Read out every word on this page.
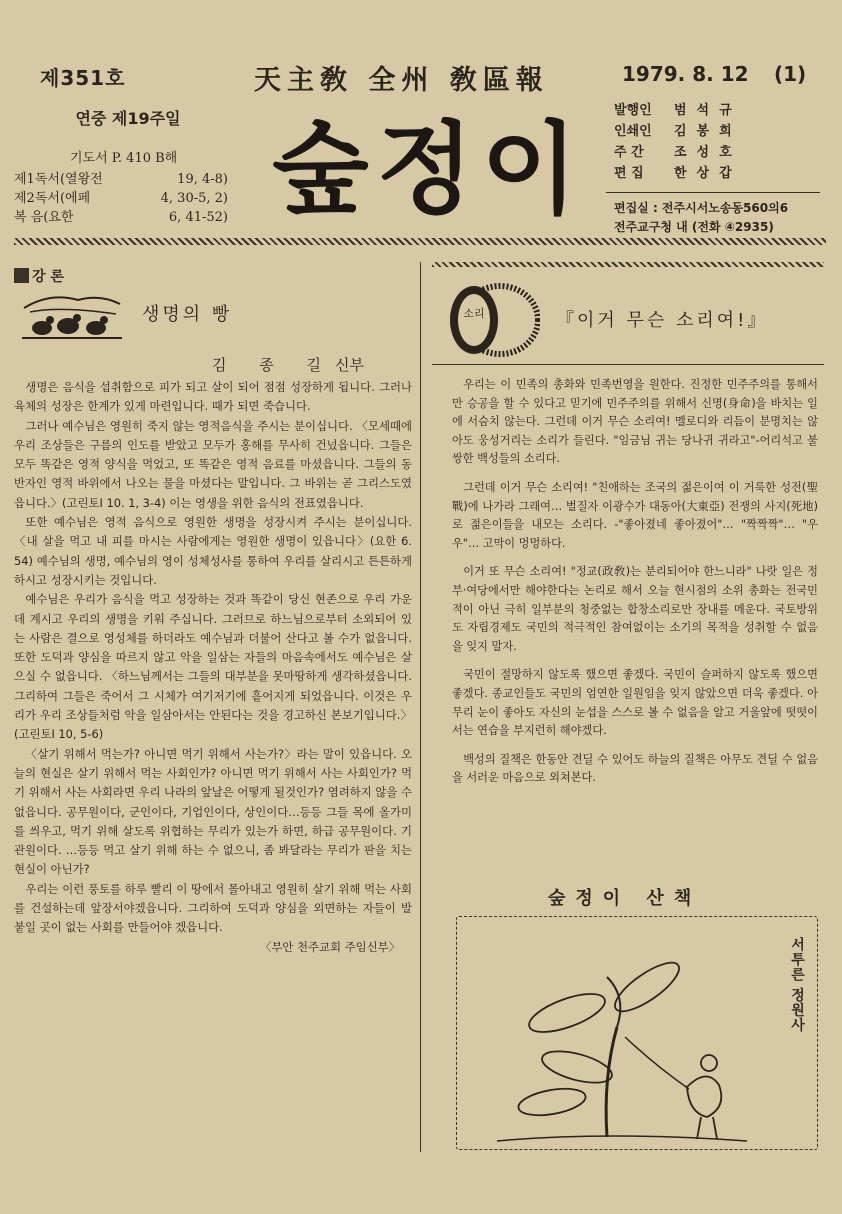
제351호	天主敎 全州 敎區報	1979. 8. 12 (1)
연중 제19주일
기도서 P. 410 B해
제1독서(열왕전	19, 4-8)
제2독서(에페	4, 30-5, 2)
복 음(요한	6, 41-52) 숲정이
발행인	범석규
인쇄인	김봉희
주 간	조성호
편 집	한상갑
편집실 : 전주시서노송동560의6
전주교구청 내 (전화 ④2935)
강 론
생명의 빵
김 종 길신부

생명은 음식을 섭취함으로 피가 되고 살이 되어 점점 성장하게 됩니다. 그러나 육체의 성장은 한계가 있게 마련입니다. 때가 되면 죽습니다.

그러나 예수님은 영원히 죽지 않는 영적음식을 주시는 분이십니다. 〈모세때에 우리 조상들은 구름의 인도를 받았고 모두가 홍해를 무사히 건넜읍니다. 그들은 모두 똑같은 영적 양식을 먹었고, 또 똑같은 영적 음료를 마셨읍니다. 그들의 동반자인 영적 바위에서 나오는 물을 마셨다는 말입니다. 그 바위는 곧 그리스도였읍니다.〉(고린토Ⅰ 10. 1, 3-4) 이는 영생을 위한 음식의 전표였읍니다.

또한 예수님은 영적 음식으로 영원한 생명을 성장시켜 주시는 분이십니다. 〈내 살을 먹고 내 피를 마시는 사람에게는 영원한 생명이 있읍니다〉(요한 6. 54) 예수님의 생명, 예수님의 영이 성체성사를 통하여 우리를 살리시고 튼튼하게 하시고 성장시키는 것입니다.

예수님은 우리가 음식을 먹고 성장하는 것과 똑같이 당신 현존으로 우리 가운데 계시고 우리의 생명을 키워 주십니다. 그러므로 하느님으로부터 소외되어 있는 사람은 결으로 영성체를 하더라도 예수님과 더불어 산다고 볼 수가 없읍니다. 또한 도덕과 양심을 따르지 않고 악을 일삼는 자들의 마음속에서도 예수님은 살으실 수 없읍니다. 〈하느님께서는 그들의 대부분을 못마땅하게 생각하셨읍니다. 그리하여 그들은 죽어서 그 시체가 여기저기에 흩어지게 되었읍니다. 이것은 우리가 우리 조상들처럼 악을 일삼아서는 안된다는 것을 경고하신 본보기입니다.〉(고린토Ⅰ 10, 5-6)

〈살기 위해서 먹는가? 아니면 먹기 위해서 사는가?〉라는 말이 있읍니다. 오늘의 현실은 살기 위해서 먹는 사회인가? 아니면 먹기 위해서 사는 사회인가? 먹기 위해서 사는 사회라면 우리 나라의 앞날은 어떻게 될것인가? 염려하지 않을 수 없읍니다. 공무원이다, 군인이다, 기업인이다, 상인이다…등등 그들 목에 올가미를 씌우고, 먹기 위해 살도록 위협하는 무리가 있는가 하면, 하급 공무원이다. 기관원이다. …등등 먹고 살기 위해 하는 수 없으니, 좀 봐달라는 무리가 판을 치는 현실이 아닌가?

우리는 이런 풍토를 하루 빨리 이 땅에서 몰아내고 영원히 살기 위해 먹는 사회를 건설하는데 앞장서야겠읍니다. 그리하여 도덕과 양심을 외면하는 자들이 발 붙일 곳이 없는 사회를 만들어야 겠읍니다.

〈부안 천주교회 주임신부〉

소리	『이거 무슨 소리여!』

우리는 이 민족의 총화와 민족번영을 원한다. 진정한 민주주의를 통해서만 승공을 할 수 있다고 믿기에 민주주의를 위해서 신명(身命)을 바치는 일에 서슴치 않는다. 그런데 이거 무슨 소리여! 멜로디와 리듬이 분명치는 않아도 웅성거리는 소리가 들린다. "임금님 귀는 당나귀 귀라고"-어리석고 불쌍한 백성들의 소리다.

그런데 이거 무슨 소리여! "친애하는 조국의 젊은이여 이 거룩한 성전(聖戰)에 나가라 그래여… 벌질자 이광수가 대동아(大東亞) 전쟁의 사지(死地)로 젊은이들을 내모는 소리다. -"좋아졌네 좋아졌어"… "짝짝짝"… "우우"… 고막이 멍멍하다.

이거 또 무슨 소리여! "정교(政敎)는 분리되어야 한느니라" 나랏 일은 정부·여당에서만 해야한다는 논리로 해서 오늘 현시점의 소위 총화는 전국민적이 아닌 극히 일부분의 청중없는 합창소리로만 장내를 메운다. 국토방위도 자립경제도 국민의 적극적인 참여없이는 소기의 목적을 성취할 수 없음을 잊지 말자.

국민이 절망하지 않도록 했으면 좋겠다. 국민이 슬퍼하지 않도록 했으면 좋겠다. 종교인들도 국민의 엄연한 일원임을 잊지 않았으면 더욱 좋겠다. 아무리 눈이 좋아도 자신의 눈섭을 스스로 볼 수 없음을 알고 거울앞에 떳떳이 서는 연습을 부지런히 해야겠다.

백성의 질책은 한동안 견딜 수 있어도 하늘의 질책은 아무도 견딜 수 없음을 서러운 마음으로 외쳐본다.

숲정이 산책
서투른 정원사
